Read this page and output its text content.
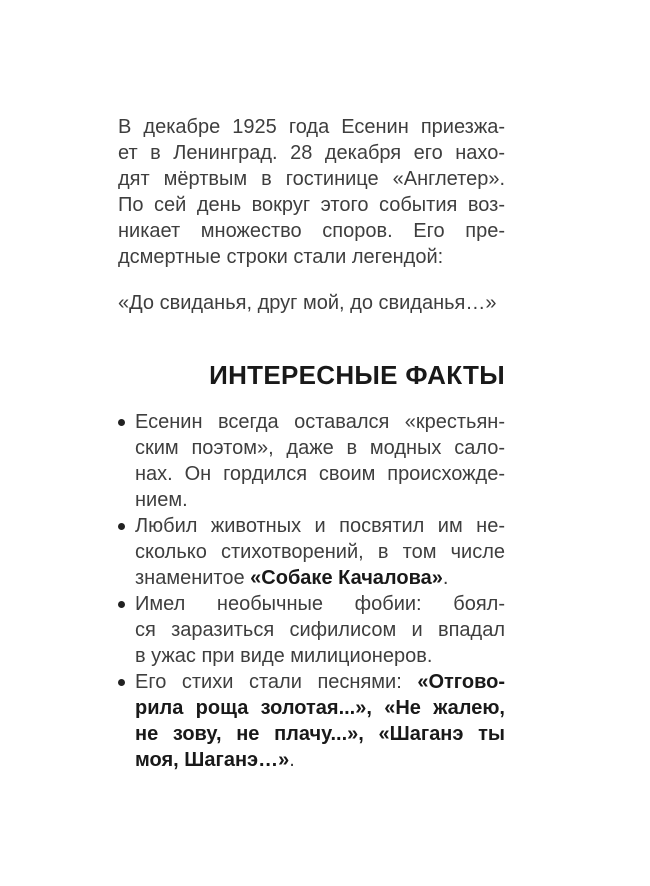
В декабре 1925 года Есенин приезжа-
ет в Ленинград. 28 декабря его нахо-
дят мёртвым в гостинице «Англетер».
По сей день вокруг этого события воз-
никает множество споров. Его пре-
дсмертные строки стали легендой:
«До свиданья, друг мой, до свиданья…»
ИНТЕРЕСНЫЕ ФАКТЫ
Есенин всегда оставался «крестьян-
ским поэтом», даже в модных сало-
нах. Он гордился своим происхожде-
нием.
Любил животных и посвятил им не-
сколько стихотворений, в том числе
знаменитое «Собаке Качалова».
Имел необычные фобии: боял-
ся заразиться сифилисом и впадал
в ужас при виде милиционеров.
Его стихи стали песнями: «Отгово-
рила роща золотая...», «Не жалею,
не зову, не плачу...», «Шаганэ ты
моя, Шаганэ…».
